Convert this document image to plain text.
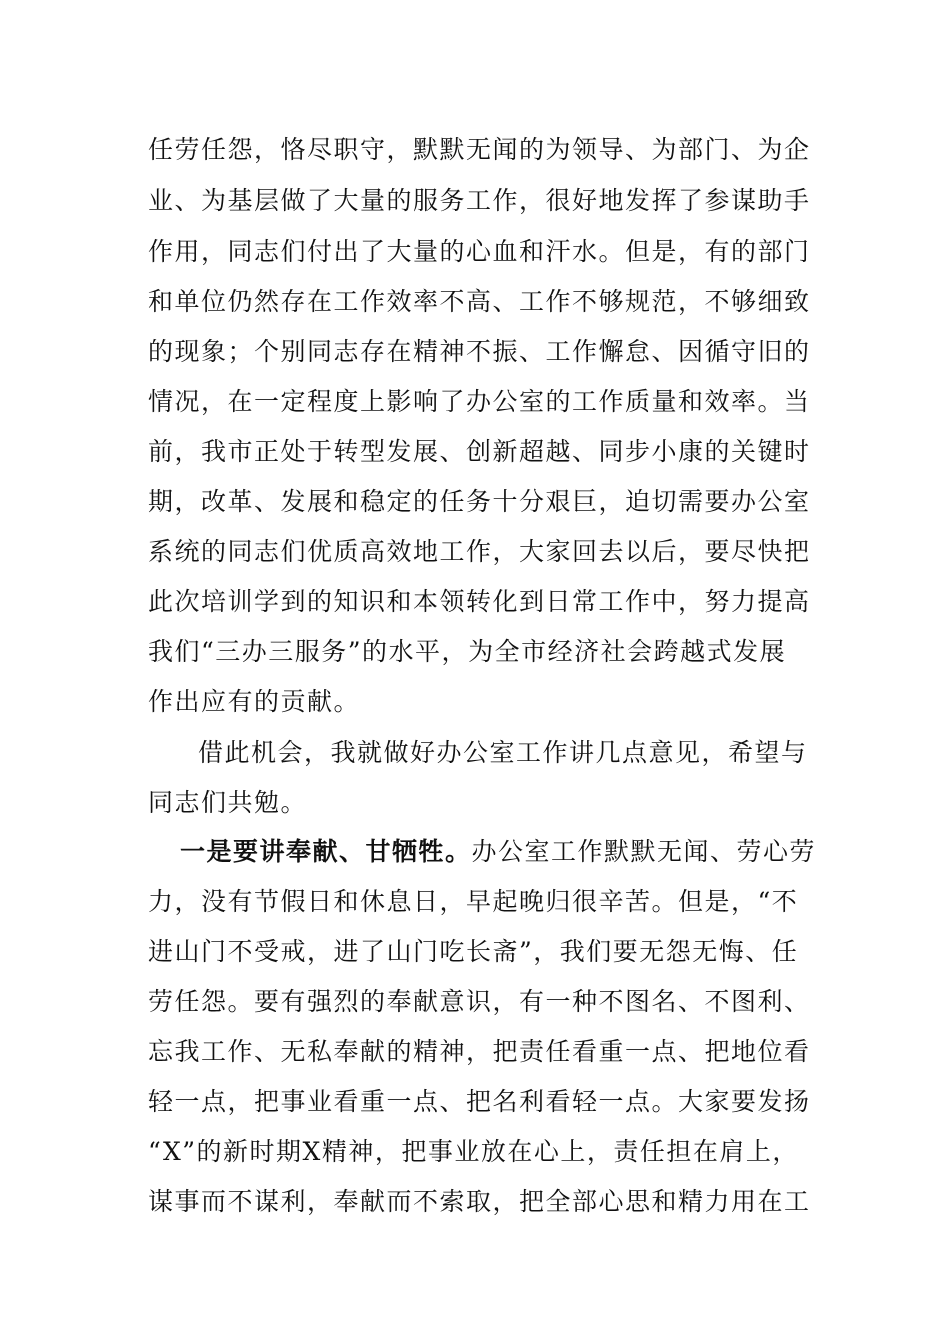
任劳任怨，恪尽职守，默默无闻的为领导、为部门、为企
业、为基层做了大量的服务工作，很好地发挥了参谋助手
作用，同志们付出了大量的心血和汗水。但是，有的部门
和单位仍然存在工作效率不高、工作不够规范，不够细致
的现象；个别同志存在精神不振、工作懈怠、因循守旧的
情况，在一定程度上影响了办公室的工作质量和效率。当
前，我市正处于转型发展、创新超越、同步小康的关键时
期，改革、发展和稳定的任务十分艰巨，迫切需要办公室
系统的同志们优质高效地工作，大家回去以后，要尽快把
此次培训学到的知识和本领转化到日常工作中，努力提高
我们“三办三服务”的水平，为全市经济社会跨越式发展
作出应有的贡献。
借此机会，我就做好办公室工作讲几点意见，希望与
同志们共勉。
一是要讲奉献、甘牺牲。办公室工作默默无闻、劳心劳
力，没有节假日和休息日，早起晚归很辛苦。但是，“不
进山门不受戒，进了山门吃长斋”，我们要无怨无悔、任
劳任怨。要有强烈的奉献意识，有一种不图名、不图利、
忘我工作、无私奉献的精神，把责任看重一点、把地位看
轻一点，把事业看重一点、把名利看轻一点。大家要发扬
“X”的新时期X精神，把事业放在心上，责任担在肩上，
谋事而不谋利，奉献而不索取，把全部心思和精力用在工
